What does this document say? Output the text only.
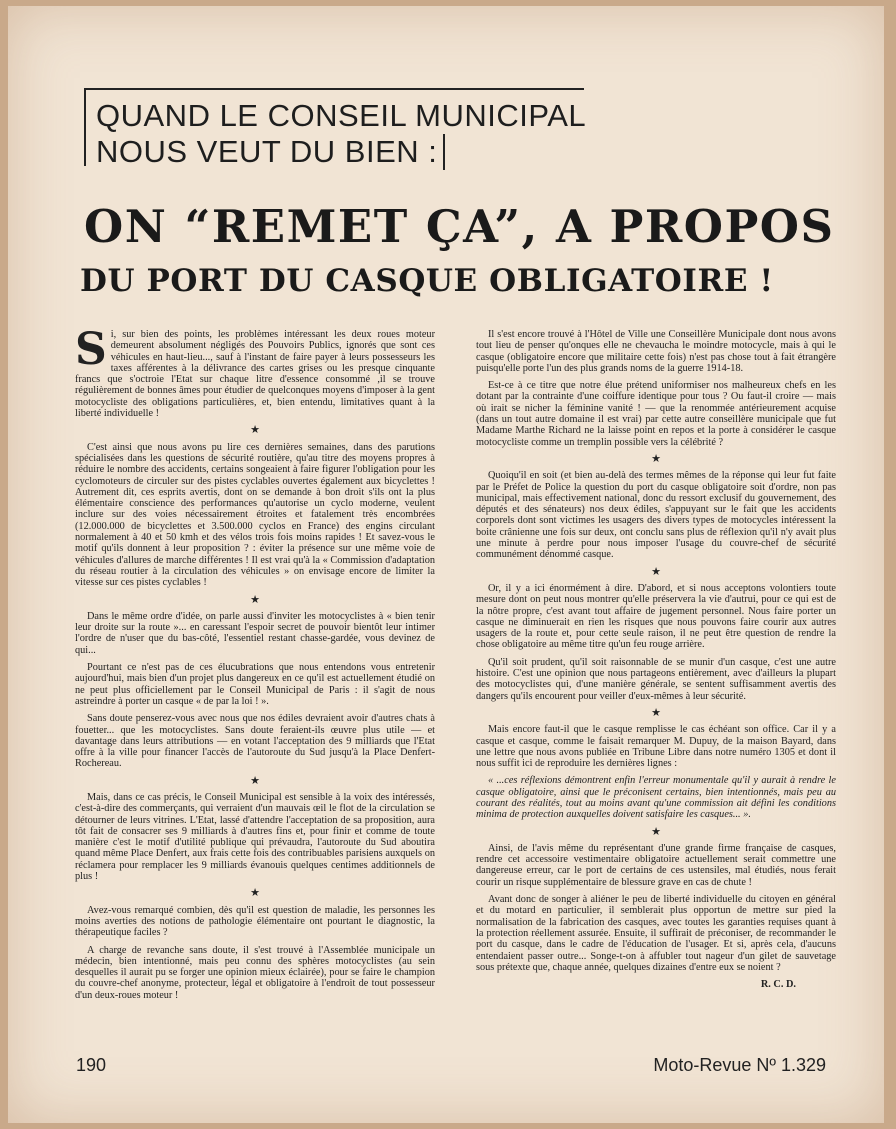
QUAND LE CONSEIL MUNICIPAL
NOUS VEUT DU BIEN :
ON “REMET ÇA”, A PROPOS
DU PORT DU CASQUE OBLIGATOIRE !

Si, sur bien des points, les problèmes intéressant les deux roues moteur demeurent absolument négligés des Pouvoirs Publics, ignorés que sont ces véhicules en haut-lieu..., sauf à l'instant de faire payer à leurs possesseurs les taxes afférentes à la délivrance des cartes grises ou les presque cinquante francs que s'octroie l'Etat sur chaque litre d'essence consommé ,il se trouve régulièrement de bonnes âmes pour étudier de quelconques moyens d'imposer à la gent motocycliste des obligations particulières, et, bien entendu, limitatives quant à la liberté individuelle !

★

C'est ainsi que nous avons pu lire ces dernières semaines, dans des parutions spécialisées dans les questions de sécurité routière, qu'au titre des moyens propres à réduire le nombre des accidents, certains songeaient à faire figurer l'obligation pour les cyclomoteurs de circuler sur des pistes cyclables ouvertes également aux bicyclettes ! Autrement dit, ces esprits avertis, dont on se demande à bon droit s'ils ont la plus élémentaire conscience des performances qu'autorise un cyclo moderne, veulent inclure sur des voies nécessairement étroites et fatalement très encombrées (12.000.000 de bicyclettes et 3.500.000 cyclos en France) des engins circulant normalement à 40 et 50 kmh et des vélos trois fois moins rapides ! Et savez-vous le motif qu'ils donnent à leur proposition ? : éviter la présence sur une même voie de véhicules d'allures de marche différentes ! Il est vrai qu'à la « Commission d'adaptation du réseau routier à la circulation des véhicules » on envisage encore de limiter la vitesse sur ces pistes cyclables !

★

Dans le même ordre d'idée, on parle aussi d'inviter les motocyclistes à « bien tenir leur droite sur la route »... en caressant l'espoir secret de pouvoir bientôt leur intimer l'ordre de n'user que du bas-côté, l'essentiel restant chasse-gardée, vous devinez de qui...

Pourtant ce n'est pas de ces élucubrations que nous entendons vous entretenir aujourd'hui, mais bien d'un projet plus dangereux en ce qu'il est actuellement étudié on ne peut plus officiellement par le Conseil Municipal de Paris : il s'agit de nous astreindre à porter un casque « de par la loi ! ».

Sans doute penserez-vous avec nous que nos édiles devraient avoir d'autres chats à fouetter... que les motocyclistes. Sans doute feraient-ils œuvre plus utile — et davantage dans leurs attributions — en votant l'acceptation des 9 milliards que l'Etat offre à la ville pour financer l'accès de l'autoroute du Sud jusqu'à la Place Denfert-Rochereau.

★

Mais, dans ce cas précis, le Conseil Municipal est sensible à la voix des intéressés, c'est-à-dire des commerçants, qui verraient d'un mauvais œil le flot de la circulation se détourner de leurs vitrines. L'Etat, lassé d'attendre l'acceptation de sa proposition, aura tôt fait de consacrer ses 9 milliards à d'autres fins et, pour finir et comme de toute manière c'est le motif d'utilité publique qui prévaudra, l'autoroute du Sud aboutira quand même Place Denfert, aux frais cette fois des contribuables parisiens auxquels on réclamera pour remplacer les 9 milliards évanouis quelques centimes additionnels de plus !

★

Avez-vous remarqué combien, dès qu'il est question de maladie, les personnes les moins averties des notions de pathologie élémentaire ont pourtant le diagnostic, la thérapeutique faciles ?

A charge de revanche sans doute, il s'est trouvé à l'Assemblée municipale un médecin, bien intentionné, mais peu connu des sphères motocyclistes (au sein desquelles il aurait pu se forger une opinion mieux éclairée), pour se faire le champion du couvre-chef anonyme, protecteur, légal et obligatoire à l'endroit de tout possesseur d'un deux-roues moteur !

Il s'est encore trouvé à l'Hôtel de Ville une Conseillère Municipale dont nous avons tout lieu de penser qu'onques elle ne chevaucha le moindre motocycle, mais à qui le casque (obligatoire encore que militaire cette fois) n'est pas chose tout à fait étrangère puisqu'elle porte l'un des plus grands noms de la guerre 1914-18.

Est-ce à ce titre que notre élue prétend uniformiser nos malheureux chefs en les dotant par la contrainte d'une coiffure identique pour tous ? Ou faut-il croire — mais où irait se nicher la féminine vanité ! — que la renommée antérieurement acquise (dans un tout autre domaine il est vrai) par cette autre conseillère municipale que fut Madame Marthe Richard ne la laisse point en repos et la porte à considérer le casque motocycliste comme un tremplin possible vers la célébrité ?

★

Quoiqu'il en soit (et bien au-delà des termes mêmes de la réponse qui leur fut faite par le Préfet de Police la question du port du casque obligatoire soit d'ordre, non pas municipal, mais effectivement national, donc du ressort exclusif du gouvernement, des députés et des sénateurs) nos deux édiles, s'appuyant sur le fait que les accidents corporels dont sont victimes les usagers des divers types de motocycles intéressent la boite crânienne une fois sur deux, ont conclu sans plus de réflexion qu'il n'y avait plus une minute à perdre pour nous imposer l'usage du couvre-chef de sécurité communément dénommé casque.

★

Or, il y a ici énormément à dire. D'abord, et si nous acceptons volontiers toute mesure dont on peut nous montrer qu'elle préservera la vie d'autrui, pour ce qui est de la nôtre propre, c'est avant tout affaire de jugement personnel. Nous faire porter un casque ne diminuerait en rien les risques que nous pouvons faire courir aux autres usagers de la route et, pour cette seule raison, il ne peut être question de rendre la chose obligatoire au même titre qu'un feu rouge arrière.

Qu'il soit prudent, qu'il soit raisonnable de se munir d'un casque, c'est une autre histoire. C'est une opinion que nous partageons entièrement, avec d'ailleurs la plupart des motocyclistes qui, d'une manière générale, se sentent suffisamment avertis des dangers qu'ils encourent pour veiller d'eux-mêmes à leur sécurité.

★

Mais encore faut-il que le casque remplisse le cas échéant son office. Car il y a casque et casque, comme le faisait remarquer M. Dupuy, de la maison Bayard, dans une lettre que nous avons publiée en Tribune Libre dans notre numéro 1305 et dont il nous suffit ici de reproduire les dernières lignes :

« ...ces réflexions démontrent enfin l'erreur monumentale qu'il y aurait à rendre le casque obligatoire, ainsi que le préconisent certains, bien intentionnés, mais peu au courant des réalités, tout au moins avant qu'une commission ait défini les conditions minima de protection auxquelles doivent satisfaire les casques... ».

★

Ainsi, de l'avis même du représentant d'une grande firme française de casques, rendre cet accessoire vestimentaire obligatoire actuellement serait commettre une dangereuse erreur, car le port de certains de ces ustensiles, mal étudiés, nous ferait courir un risque supplémentaire de blessure grave en cas de chute !

Avant donc de songer à aliéner le peu de liberté individuelle du citoyen en général et du motard en particulier, il semblerait plus opportun de mettre sur pied la normalisation de la fabrication des casques, avec toutes les garanties requises quant à la protection réellement assurée. Ensuite, il suffirait de préconiser, de recommander le port du casque, dans le cadre de l'éducation de l'usager. Et si, après cela, d'aucuns entendaient passer outre... Songe-t-on à affubler tout nageur d'un gilet de sauvetage sous prétexte que, chaque année, quelques dizaines d'entre eux se noient ?

R. C. D.

190	Moto-Revue Nº 1.329
